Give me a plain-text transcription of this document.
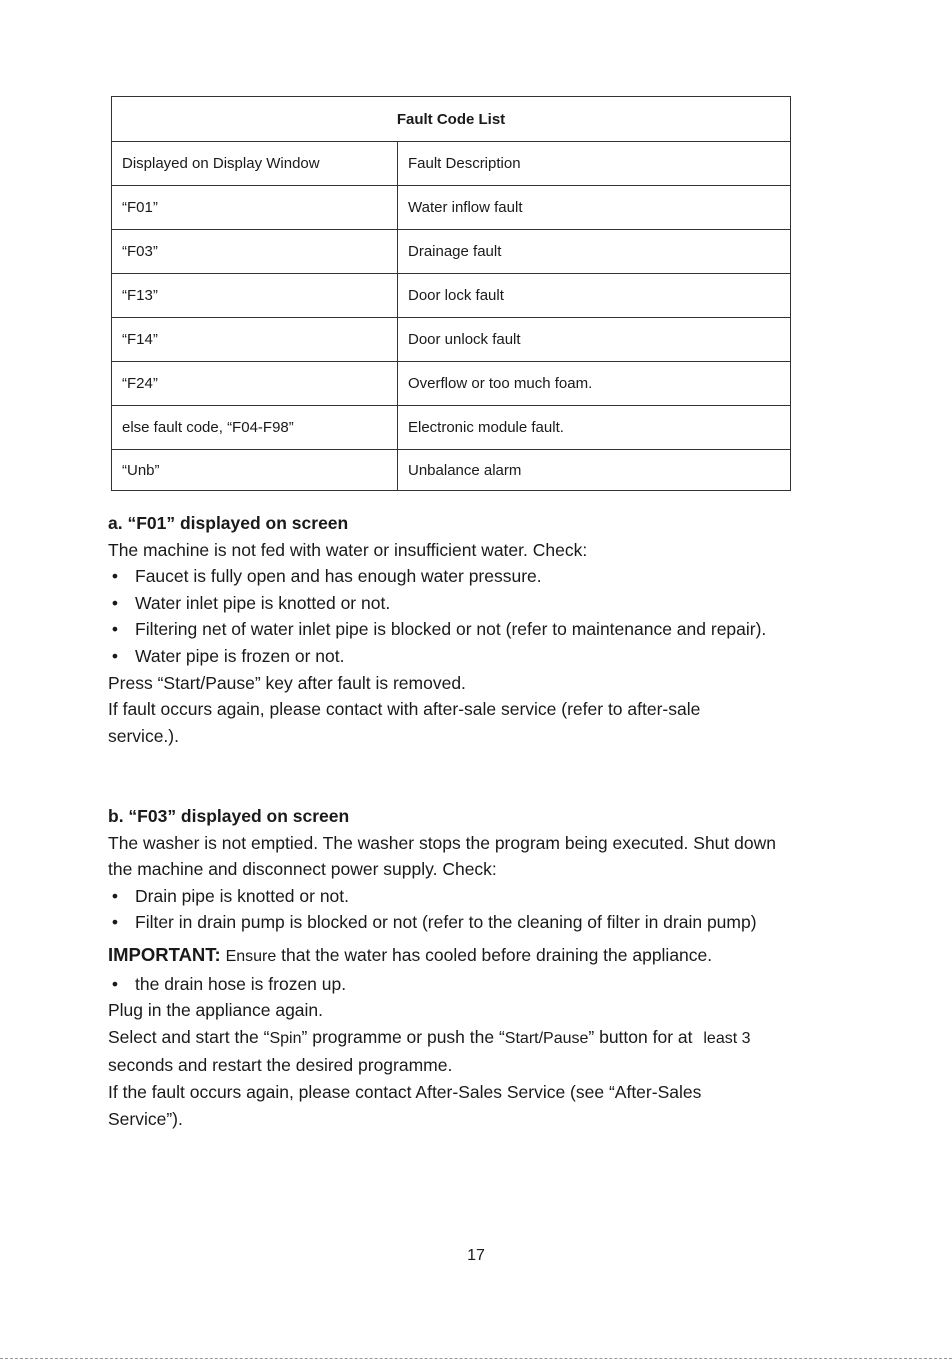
Fault Code List	
Displayed on Display Window	Fault Description
“F01”	Water inflow fault
“F03”	Drainage fault
“F13”	Door lock fault
“F14”	Door unlock fault
“F24”	Overflow or too much foam.
else fault code, “F04-F98”	Electronic module fault.
“Unb”	Unbalance alarm

a. “F01” displayed on screen

The machine is not fed with water or insufficient water. Check:

• Faucet is fully open and has enough water pressure.

• Water inlet pipe is knotted or not.

• Filtering net of water inlet pipe is blocked or not (refer to maintenance and repair).

• Water pipe is frozen or not.

Press “Start/Pause” key after fault is removed.

If fault occurs again, please contact with after-sale service (refer to after-sale service.).

b. “F03” displayed on screen

The washer is not emptied. The washer stops the program being executed. Shut down the machine and disconnect power supply. Check:

• Drain pipe is knotted or not.

• Filter in drain pump is blocked or not (refer to the cleaning of filter in drain pump)

IMPORTANT: Ensure that the water has cooled before draining the appliance.

• the drain hose is frozen up.

Plug in the appliance again.

Select and start the “Spin” programme or push the “Start/Pause” button for at least 3

seconds and restart the desired programme.

If the fault occurs again, please contact After-Sales Service (see “After-Sales Service”).

17
